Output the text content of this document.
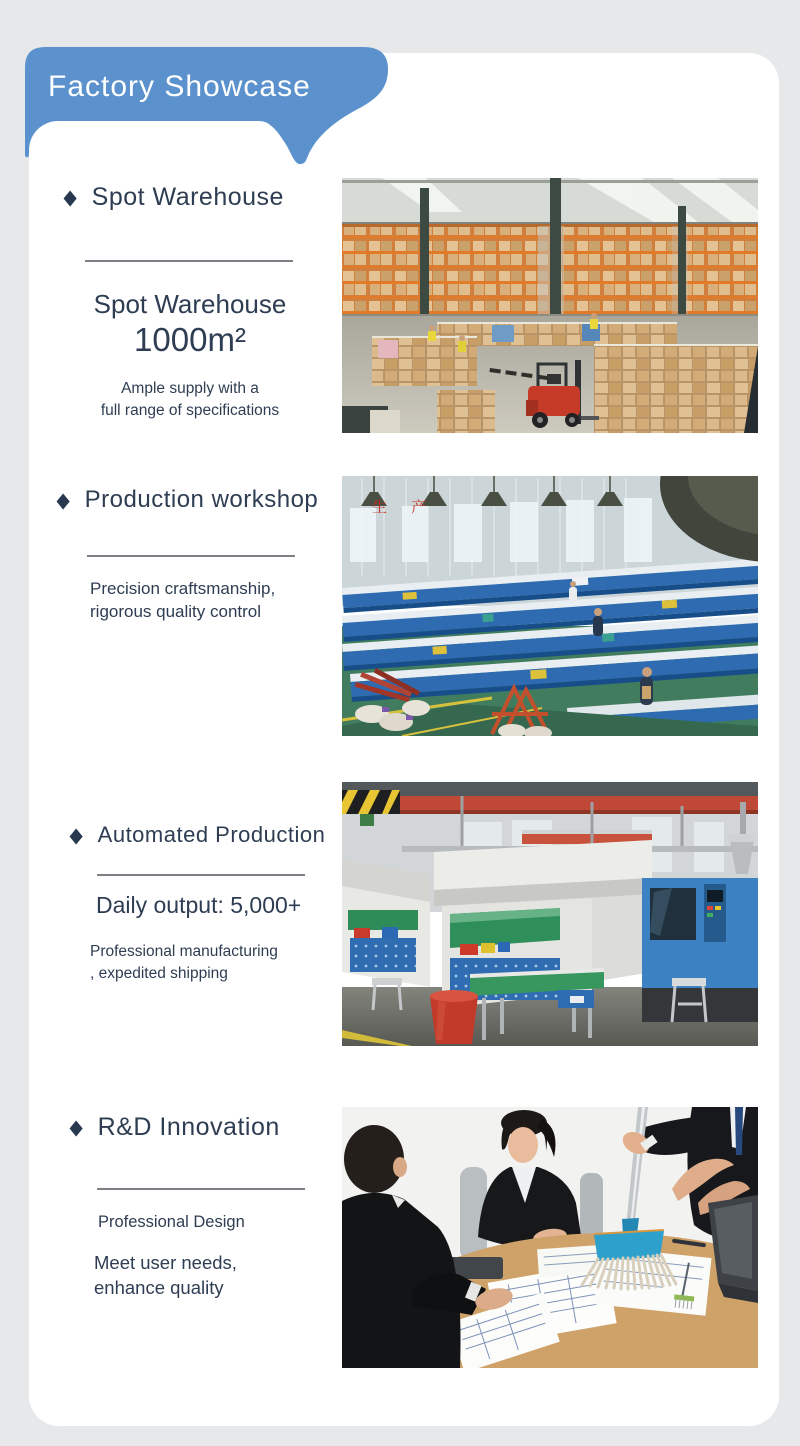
Factory Showcase
◆ Spot Warehouse
Spot Warehouse
1000m²
Ample supply with a
full range of specifications
◆ Production workshop
Precision craftsmanship,
rigorous quality control
生 产
◆ Automated Production
Daily output: 5,000+
Professional manufacturing
, expedited shipping
◆ R&D Innovation
Professional Design
Meet user needs,
enhance quality
